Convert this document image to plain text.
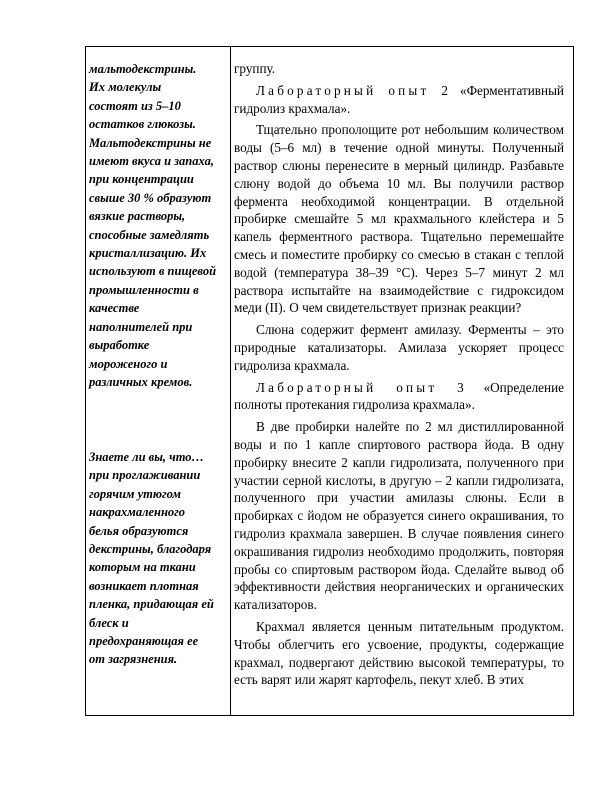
мальтодекстрины.
Их молекулы
состоят из 5–10
остатков глюкозы.
Мальтодекстрины не
имеют вкуса и запаха,
при концентрации
свыше 30 % образуют
вязкие растворы,
способные замедлять
кристаллизацию. Их
используют в пищевой
промышленности в
качестве
наполнителей при
выработке
мороженого и
различных кремов.
Знаете ли вы, что…
при проглаживании
горячим утюгом
накрахмаленного
белья образуются
декстрины, благодаря
которым на ткани
возникает плотная
пленка, придающая ей
блеск и
предохраняющая ее
от загрязнения.

группу.

Лабораторный опыт 2 «Ферментативный гидролиз крахмала».

Тщательно прополощите рот небольшим количеством воды (5–6 мл) в течение одной минуты. Полученный раствор слюны перенесите в мерный цилиндр. Разбавьте слюну водой до объема 10 мл. Вы получили раствор фермента необходимой концентрации. В отдельной пробирке смешайте 5 мл крахмального клейстера и 5 капель ферментного раствора. Тщательно перемешайте смесь и поместите пробирку со смесью в стакан с теплой водой (температура 38–39 °С). Через 5–7 минут 2 мл раствора испытайте на взаимодействие с гидроксидом меди (II). О чем свидетельствует признак реакции?

Слюна содержит фермент амилазу. Ферменты – это природные катализаторы. Амилаза ускоряет процесс гидролиза крахмала.

Лабораторный опыт 3 «Определение полноты протекания гидролиза крахмала».

В две пробирки налейте по 2 мл дистиллированной воды и по 1 капле спиртового раствора йода. В одну пробирку внесите 2 капли гидролизата, полученного при участии серной кислоты, в другую – 2 капли гидролизата, полученного при участии амилазы слюны. Если в пробирках с йодом не образуется синего окрашивания, то гидролиз крахмала завершен. В случае появления синего окрашивания гидролиз необходимо продолжить, повторяя пробы со спиртовым раствором йода. Сделайте вывод об эффективности действия неорганических и органических катализаторов.

Крахмал является ценным питательным продуктом. Чтобы облегчить его усвоение, продукты, содержащие крахмал, подвергают действию высокой температуры, то есть варят или жарят картофель, пекут хлеб. В этих
